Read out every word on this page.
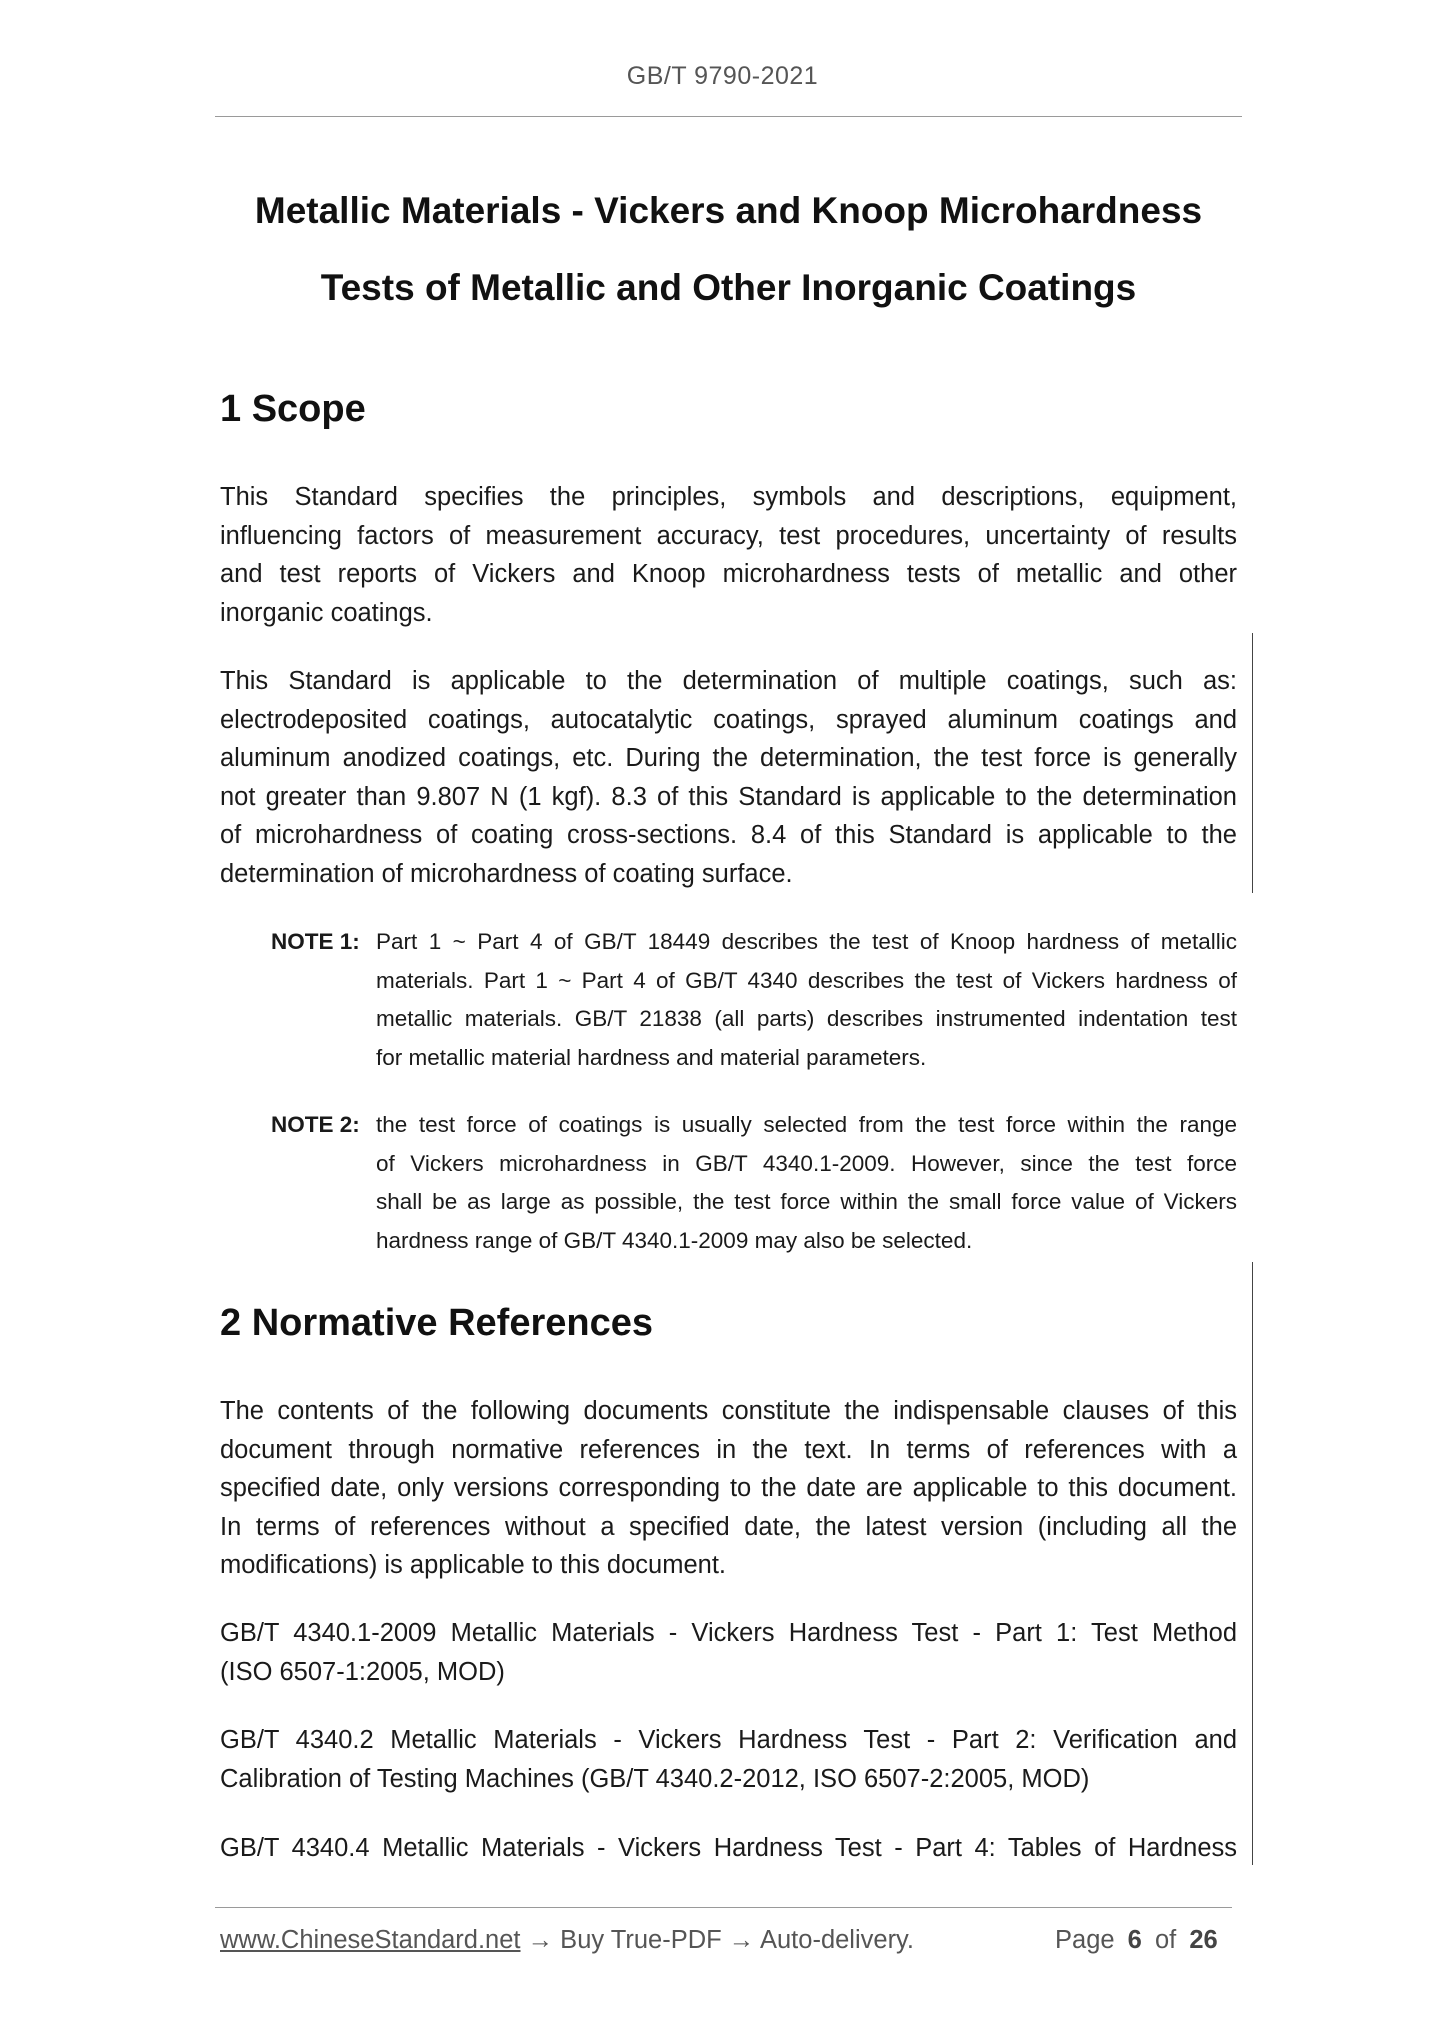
GB/T 9790-2021
Metallic Materials - Vickers and Knoop Microhardness
Tests of Metallic and Other Inorganic Coatings
1 Scope
This Standard specifies the principles, symbols and descriptions, equipment,
influencing factors of measurement accuracy, test procedures, uncertainty of results
and test reports of Vickers and Knoop microhardness tests of metallic and other
inorganic coatings.
This Standard is applicable to the determination of multiple coatings, such as:
electrodeposited coatings, autocatalytic coatings, sprayed aluminum coatings and
aluminum anodized coatings, etc. During the determination, the test force is generally
not greater than 9.807 N (1 kgf). 8.3 of this Standard is applicable to the determination
of microhardness of coating cross-sections. 8.4 of this Standard is applicable to the
determination of microhardness of coating surface.
NOTE 1: Part 1 ~ Part 4 of GB/T 18449 describes the test of Knoop hardness of metallic
materials. Part 1 ~ Part 4 of GB/T 4340 describes the test of Vickers hardness of
metallic materials. GB/T 21838 (all parts) describes instrumented indentation test
for metallic material hardness and material parameters.
NOTE 2: the test force of coatings is usually selected from the test force within the range
of Vickers microhardness in GB/T 4340.1-2009. However, since the test force
shall be as large as possible, the test force within the small force value of Vickers
hardness range of GB/T 4340.1-2009 may also be selected.
2 Normative References
The contents of the following documents constitute the indispensable clauses of this
document through normative references in the text. In terms of references with a
specified date, only versions corresponding to the date are applicable to this document.
In terms of references without a specified date, the latest version (including all the
modifications) is applicable to this document.
GB/T 4340.1-2009 Metallic Materials - Vickers Hardness Test - Part 1: Test Method
(ISO 6507-1:2005, MOD)
GB/T 4340.2 Metallic Materials - Vickers Hardness Test - Part 2: Verification and
Calibration of Testing Machines (GB/T 4340.2-2012, ISO 6507-2:2005, MOD)
GB/T 4340.4 Metallic Materials - Vickers Hardness Test - Part 4: Tables of Hardness
www.ChineseStandard.net → Buy True-PDF → Auto-delivery.	Page 6 of 26
